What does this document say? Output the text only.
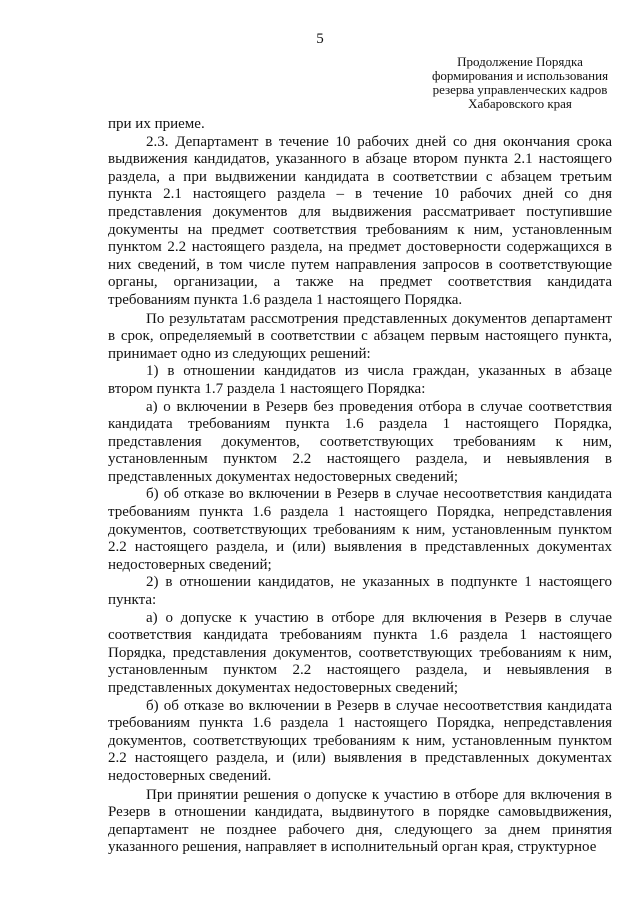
5
Продолжение Порядка
формирования и использования
резерва управленческих кадров
Хабаровского края

при их приеме.

2.3. Департамент в течение 10 рабочих дней со дня окончания срока выдвижения кандидатов, указанного в абзаце втором пункта 2.1 настоящего раздела, а при выдвижении кандидата в соответствии с абзацем третьим пункта 2.1 настоящего раздела – в течение 10 рабочих дней со дня представления документов для выдвижения рассматривает поступившие документы на предмет соответствия требованиям к ним, установленным пунктом 2.2 настоящего раздела, на предмет достоверности содержащихся в них сведений, в том числе путем направления запросов в соответствующие органы, организации, а также на предмет соответствия кандидата требованиям пункта 1.6 раздела 1 настоящего Порядка.

По результатам рассмотрения представленных документов департамент в срок, определяемый в соответствии с абзацем первым настоящего пункта, принимает одно из следующих решений:

1) в отношении кандидатов из числа граждан, указанных в абзаце втором пункта 1.7 раздела 1 настоящего Порядка:

а) о включении в Резерв без проведения отбора в случае соответствия кандидата требованиям пункта 1.6 раздела 1 настоящего Порядка, представления документов, соответствующих требованиям к ним, установленным пунктом 2.2 настоящего раздела, и невыявления в представленных документах недостоверных сведений;

б) об отказе во включении в Резерв в случае несоответствия кандидата требованиям пункта 1.6 раздела 1 настоящего Порядка, непредставления документов, соответствующих требованиям к ним, установленным пунктом 2.2 настоящего раздела, и (или) выявления в представленных документах недостоверных сведений;

2) в отношении кандидатов, не указанных в подпункте 1 настоящего пункта:

а) о допуске к участию в отборе для включения в Резерв в случае соответствия кандидата требованиям пункта 1.6 раздела 1 настоящего Порядка, представления документов, соответствующих требованиям к ним, установленным пунктом 2.2 настоящего раздела, и невыявления в представленных документах недостоверных сведений;

б) об отказе во включении в Резерв в случае несоответствия кандидата требованиям пункта 1.6 раздела 1 настоящего Порядка, непредставления документов, соответствующих требованиям к ним, установленным пунктом 2.2 настоящего раздела, и (или) выявления в представленных документах недостоверных сведений.

При принятии решения о допуске к участию в отборе для включения в Резерв в отношении кандидата, выдвинутого в порядке самовыдвижения, департамент не позднее рабочего дня, следующего за днем принятия указанного решения, направляет в исполнительный орган края, структурное
